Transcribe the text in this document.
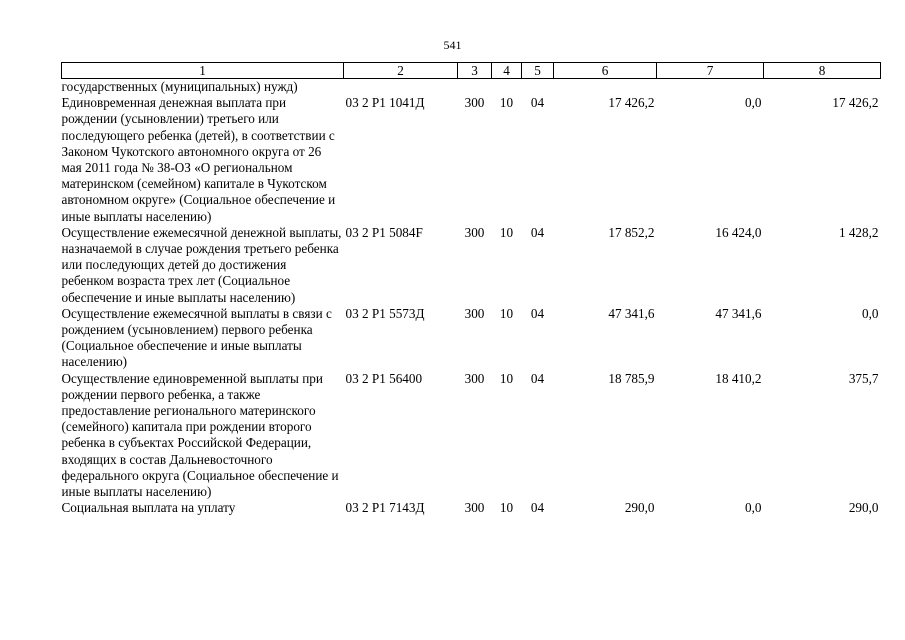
541
1	2	3	4	5	6	7	8
государственных (муниципальных) нужд)							
Единовременная денежная выплата при рождении (усыновлении) третьего или последующего ребенка (детей), в соответствии с Законом Чукотского автономного округа от 26 мая 2011 года № 38-ОЗ «О региональном материнском (семейном) капитале в Чукотском автономном округе» (Социальное обеспечение и иные выплаты населению)	03 2 Р1 1041Д	300	10	04	17 426,2	0,0	17 426,2
Осуществление ежемесячной денежной выплаты, назначаемой в случае рождения третьего ребенка или последующих детей до достижения ребенком возраста трех лет (Социальное обеспечение и иные выплаты населению)	03 2 Р1 5084F	300	10	04	17 852,2	16 424,0	1 428,2
Осуществление ежемесячной выплаты в связи с рождением (усыновлением) первого ребенка (Социальное обеспечение и иные выплаты населению)	03 2 Р1 5573Д	300	10	04	47 341,6	47 341,6	0,0
Осуществление единовременной выплаты при рождении первого ребенка, а также предоставление регионального материнского (семейного) капитала при рождении второго ребенка в субъектах Российской Федерации, входящих в состав Дальневосточного федерального округа (Социальное обеспечение и иные выплаты населению)	03 2 Р1 56400	300	10	04	18 785,9	18 410,2	375,7
Социальная выплата на уплату	03 2 Р1 7143Д	300	10	04	290,0	0,0	290,0
